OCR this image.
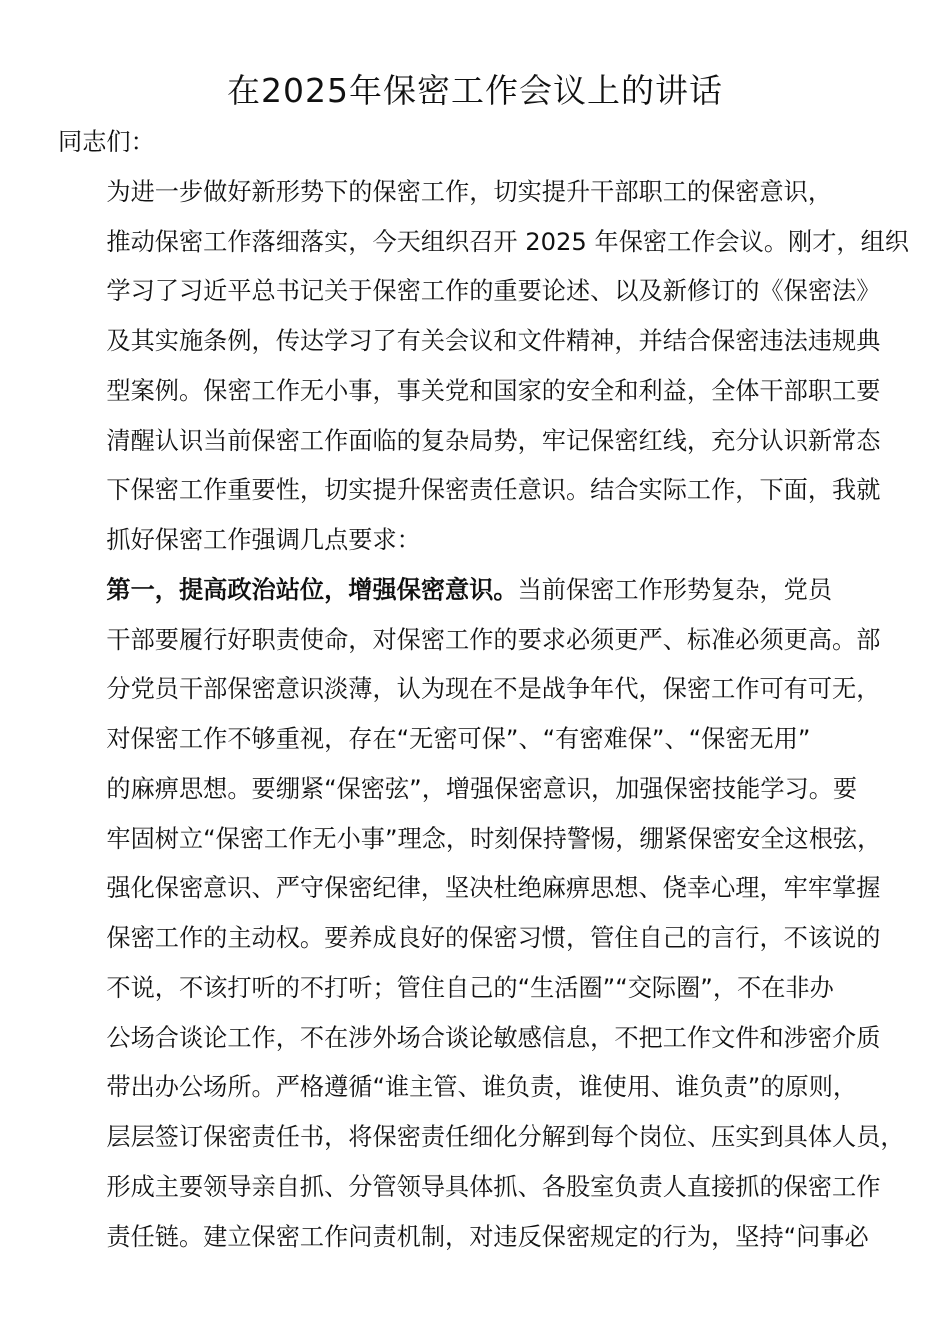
在2025年保密工作会议上的讲话

同志们：

为进一步做好新形势下的保密工作，切实提升干部职工的保密意识，
推动保密工作落细落实，今天组织召开 2025 年保密工作会议。刚才，组织
学习了习近平总书记关于保密工作的重要论述、以及新修订的《保密法》
及其实施条例，传达学习了有关会议和文件精神，并结合保密违法违规典
型案例。保密工作无小事，事关党和国家的安全和利益，全体干部职工要
清醒认识当前保密工作面临的复杂局势，牢记保密红线，充分认识新常态
下保密工作重要性，切实提升保密责任意识。结合实际工作，下面，我就
抓好保密工作强调几点要求：

第一，提高政治站位，增强保密意识。当前保密工作形势复杂，党员
干部要履行好职责使命，对保密工作的要求必须更严、标准必须更高。部
分党员干部保密意识淡薄，认为现在不是战争年代，保密工作可有可无，
对保密工作不够重视，存在“无密可保”、“有密难保”、“保密无用”
的麻痹思想。要绷紧“保密弦”，增强保密意识，加强保密技能学习。要
牢固树立“保密工作无小事”理念，时刻保持警惕，绷紧保密安全这根弦，
强化保密意识、严守保密纪律，坚决杜绝麻痹思想、侥幸心理，牢牢掌握
保密工作的主动权。要养成良好的保密习惯，管住自己的言行，不该说的
不说，不该打听的不打听；管住自己的“生活圈”“交际圈”，不在非办
公场合谈论工作，不在涉外场合谈论敏感信息，不把工作文件和涉密介质
带出办公场所。严格遵循“谁主管、谁负责，谁使用、谁负责”的原则，
层层签订保密责任书，将保密责任细化分解到每个岗位、压实到具体人员，
形成主要领导亲自抓、分管领导具体抓、各股室负责人直接抓的保密工作
责任链。建立保密工作问责机制，对违反保密规定的行为，坚持“问事必
